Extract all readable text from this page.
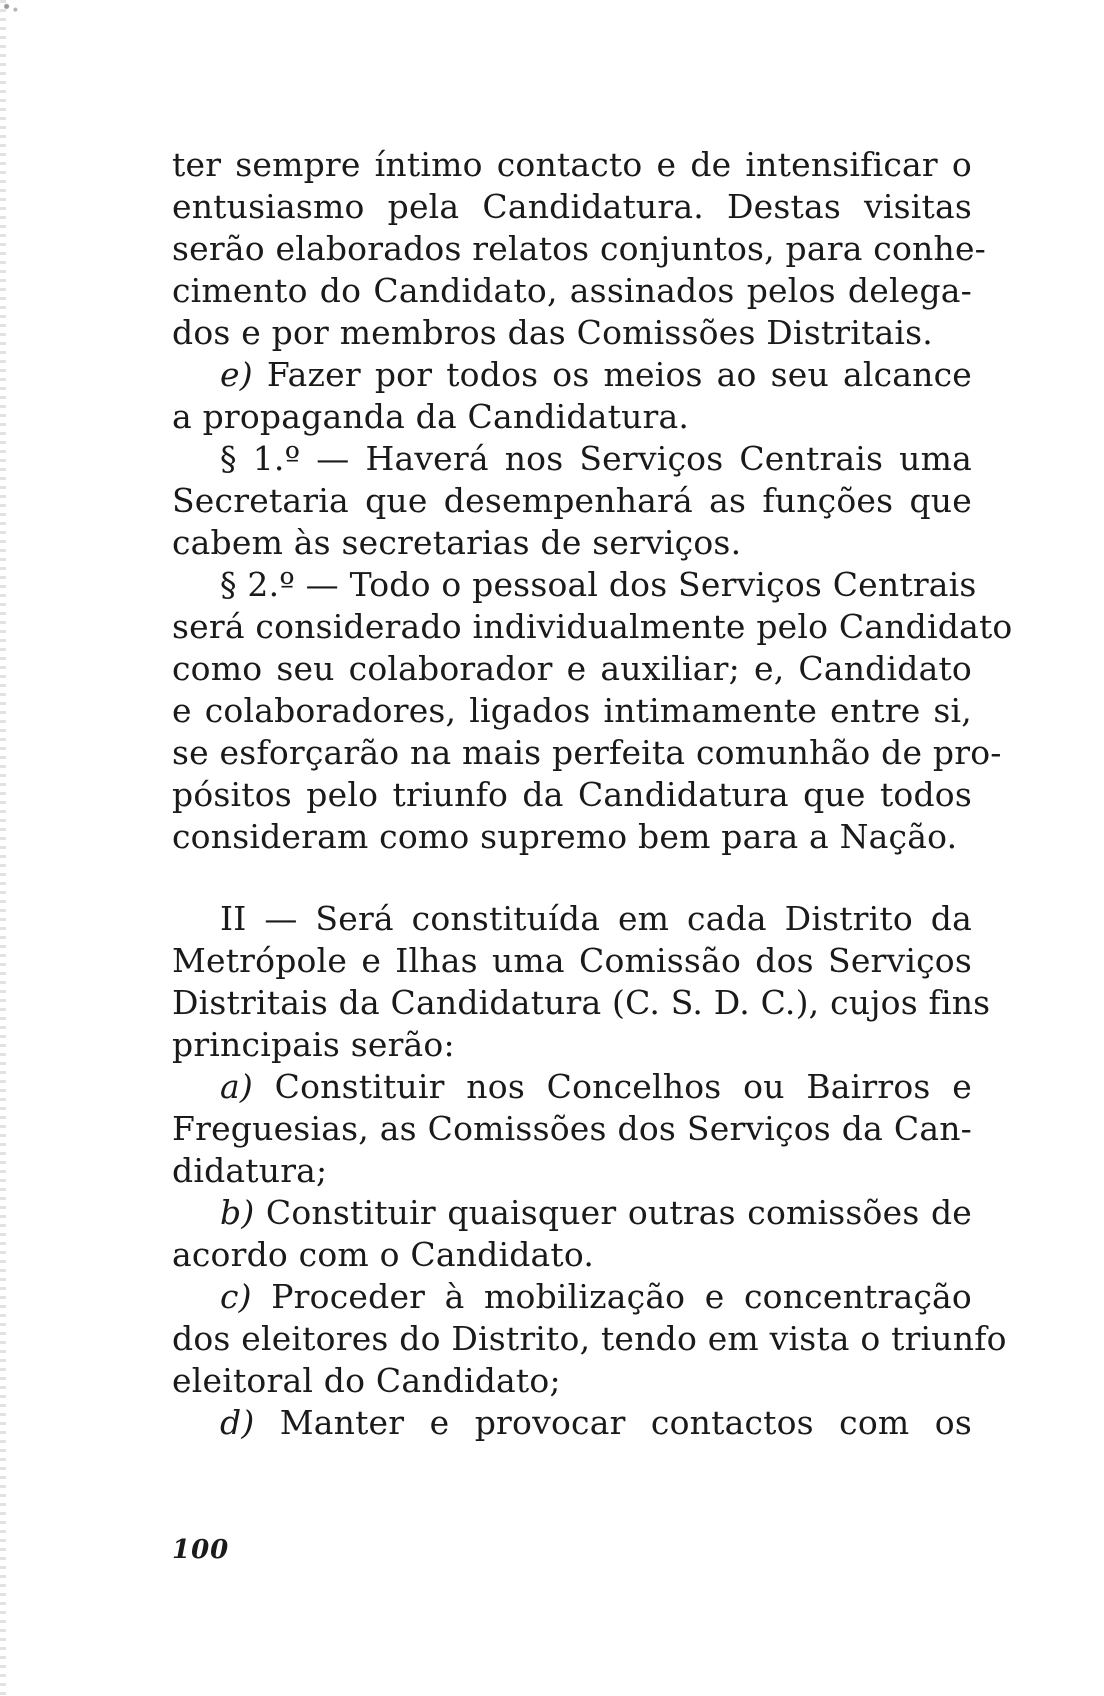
ter sempre íntimo contacto e de intensificar o
entusiasmo pela Candidatura. Destas visitas
serão elaborados relatos conjuntos, para conhe-
cimento do Candidato, assinados pelos delega-
dos e por membros das Comissões Distritais.
e) Fazer por todos os meios ao seu alcance
a propaganda da Candidatura.
§ 1.º — Haverá nos Serviços Centrais uma
Secretaria que desempenhará as funções que
cabem às secretarias de serviços.
§ 2.º — Todo o pessoal dos Serviços Centrais
será considerado individualmente pelo Candidato
como seu colaborador e auxiliar; e, Candidato
e colaboradores, ligados intimamente entre si,
se esforçarão na mais perfeita comunhão de pro-
pósitos pelo triunfo da Candidatura que todos
consideram como supremo bem para a Nação.
II — Será constituída em cada Distrito da
Metrópole e Ilhas uma Comissão dos Serviços
Distritais da Candidatura (C. S. D. C.), cujos fins
principais serão:
a) Constituir nos Concelhos ou Bairros e
Freguesias, as Comissões dos Serviços da Can-
didatura;
b) Constituir quaisquer outras comissões de
acordo com o Candidato.
c) Proceder à mobilização e concentração
dos eleitores do Distrito, tendo em vista o triunfo
eleitoral do Candidato;
d) Manter e provocar contactos com os
100
